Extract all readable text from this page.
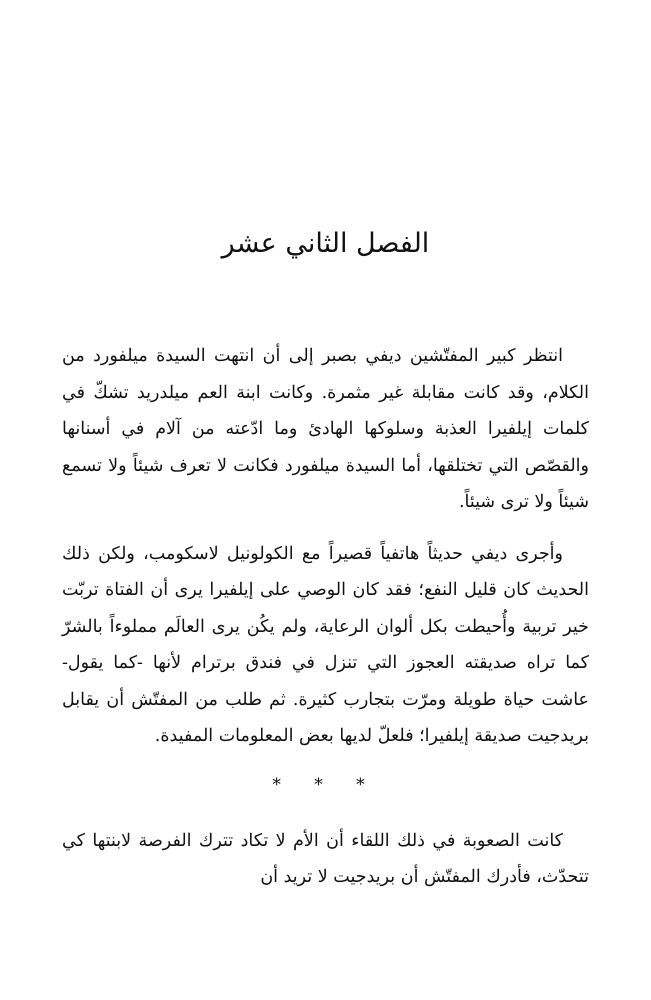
الفصل الثاني عشر

انتظر كبير المفتّشين ديفي بصبر إلى أن انتهت السيدة ميلفورد من الكلام، وقد كانت مقابلة غير مثمرة. وكانت ابنة العم ميلدريد تشكّ في كلمات إيلفيرا العذبة وسلوكها الهادئ وما ادّعته من آلام في أسنانها والقصّص التي تختلقها، أما السيدة ميلفورد فكانت لا تعرف شيئاً ولا تسمع شيئاً ولا ترى شيئاً.

وأجرى ديفي حديثاً هاتفياً قصيراً مع الكولونيل لاسكومب، ولكن ذلك الحديث كان قليل النفع؛ فقد كان الوصي على إيلفيرا يرى أن الفتاة تربّت خير تربية وأُحيطت بكل ألوان الرعاية، ولم يكُن يرى العالَم مملوءاً بالشرّ كما تراه صديقته العجوز التي تنزل في فندق برترام لأنها -كما يقول- عاشت حياة طويلة ومرّت بتجارب كثيرة. ثم طلب من المفتّش أن يقابل بريدجيت صديقة إيلفيرا؛ فلعلّ لديها بعض المعلومات المفيدة.

* * *

كانت الصعوبة في ذلك اللقاء أن الأم لا تكاد تترك الفرصة لابنتها كي تتحدّث، فأدرك المفتّش أن بريدجيت لا تريد أن
